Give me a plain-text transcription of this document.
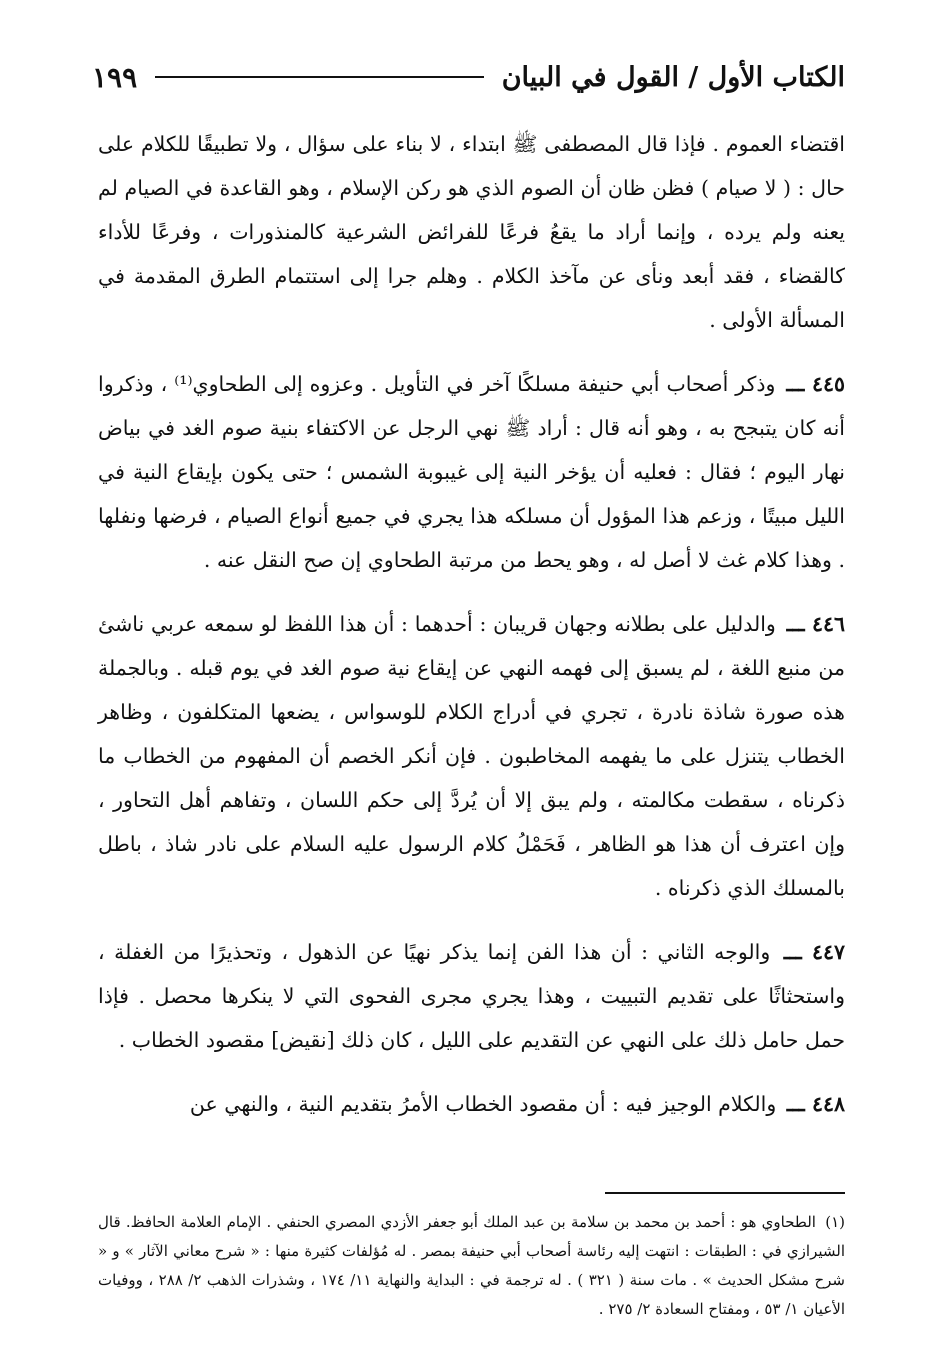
الكتاب الأول / القول في البيان
١٩٩

اقتضاء العموم . فإذا قال المصطفى ﷺ ابتداء ، لا بناء على سؤال ، ولا تطبيقًا للكلام على حال : ( لا صيام ) فظن ظان أن الصوم الذي هو ركن الإسلام ، وهو القاعدة في الصيام لم يعنه ولم يرده ، وإنما أراد ما يقعُ فرعًا للفرائض الشرعية كالمنذورات ، وفرعًا للأداء كالقضاء ، فقد أبعد ونأى عن مآخذ الكلام . وهلم جرا إلى استتمام الطرق المقدمة في المسألة الأولى .

٤٤٥ ـــ وذكر أصحاب أبي حنيفة مسلكًا آخر في التأويل . وعزوه إلى الطحاوي⁽¹⁾ ، وذكروا أنه كان يتبجح به ، وهو أنه قال : أراد ﷺ نهي الرجل عن الاكتفاء بنية صوم الغد في بياض نهار اليوم ؛ فقال : فعليه أن يؤخر النية إلى غيبوبة الشمس ؛ حتى يكون بإيقاع النية في الليل مبيتًا ، وزعم هذا المؤول أن مسلكه هذا يجري في جميع أنواع الصيام ، فرضها ونفلها . وهذا كلام غث لا أصل له ، وهو يحط من مرتبة الطحاوي إن صح النقل عنه .

٤٤٦ ـــ والدليل على بطلانه وجهان قريبان : أحدهما : أن هذا اللفظ لو سمعه عربي ناشئ من منبع اللغة ، لم يسبق إلى فهمه النهي عن إيقاع نية صوم الغد في يوم قبله . وبالجملة هذه صورة شاذة نادرة ، تجري في أدراج الكلام للوسواس ، يضعها المتكلفون ، وظاهر الخطاب يتنزل على ما يفهمه المخاطبون . فإن أنكر الخصم أن المفهوم من الخطاب ما ذكرناه ، سقطت مكالمته ، ولم يبق إلا أن يُردَّ إلى حكم اللسان ، وتفاهم أهل التحاور ، وإن اعترف أن هذا هو الظاهر ، فَحَمْلُ كلام الرسول عليه السلام على نادر شاذ ، باطل بالمسلك الذي ذكرناه .

٤٤٧ ـــ والوجه الثاني : أن هذا الفن إنما يذكر نهيًا عن الذهول ، وتحذيرًا من الغفلة ، واستحثاثًا على تقديم التبييت ، وهذا يجري مجرى الفحوى التي لا ينكرها محصل . فإذا حمل حامل ذلك على النهي عن التقديم على الليل ، كان ذلك [نقيض] مقصود الخطاب .

٤٤٨ ـــ والكلام الوجيز فيه : أن مقصود الخطاب الأمرُ بتقديم النية ، والنهي عن

(١) الطحاوي هو : أحمد بن محمد بن سلامة بن عبد الملك أبو جعفر الأزدي المصري الحنفي . الإمام العلامة الحافظ. قال الشيرازي في : الطبقات : انتهت إليه رئاسة أصحاب أبي حنيفة بمصر . له مُؤلفات كثيرة منها : « شرح معاني الآثار » و « شرح مشكل الحديث » . مات سنة ( ٣٢١ ) . له ترجمة في : البداية والنهاية ١١/ ١٧٤ ، وشذرات الذهب ٢/ ٢٨٨ ، ووفيات الأعيان ١/ ٥٣ ، ومفتاح السعادة ٢/ ٢٧٥ .
